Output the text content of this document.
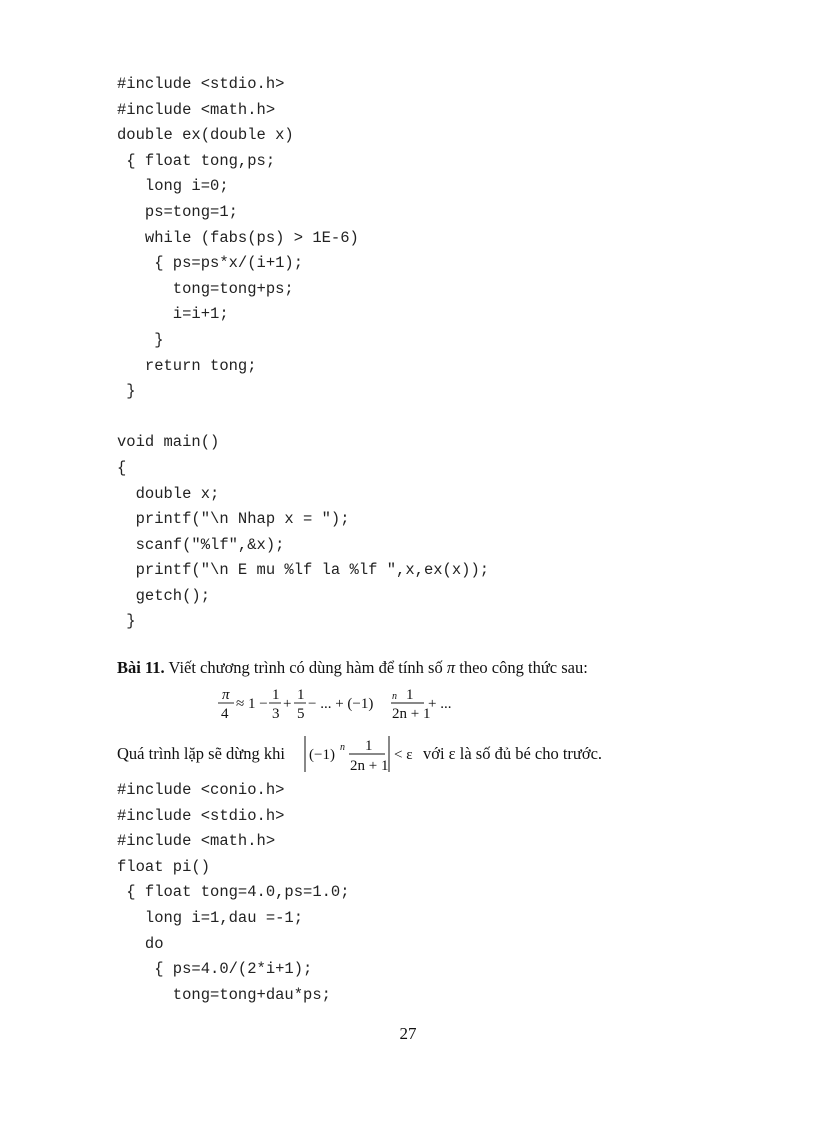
#include <stdio.h>
#include <math.h>
double ex(double x)
{ float tong,ps;
long i=0;
ps=tong=1;
while (fabs(ps) > 1E-6)
{ ps=ps*x/(i+1);
tong=tong+ps;
i=i+1;
}
return tong;
}
void main()
{
double x;
printf("\n Nhap x = ");
scanf("%lf",&x);
printf("\n E mu %lf la %lf ",x,ex(x));
getch();
}
Bài 11. Viết chương trình có dùng hàm để tính số π theo công thức sau:
π
4
≈ 1 −
1
3
+
1
5
− ... + (−1) n 1
2n + 1
+ ...
Quá trình lặp sẽ dừng khi (−1) n 1
2n + 1
< ε với ε là số đủ bé cho trước.
#include <conio.h>
#include <stdio.h>
#include <math.h>
float pi()
{ float tong=4.0,ps=1.0;
long i=1,dau =-1;
do
{ ps=4.0/(2*i+1);
tong=tong+dau*ps;
27
